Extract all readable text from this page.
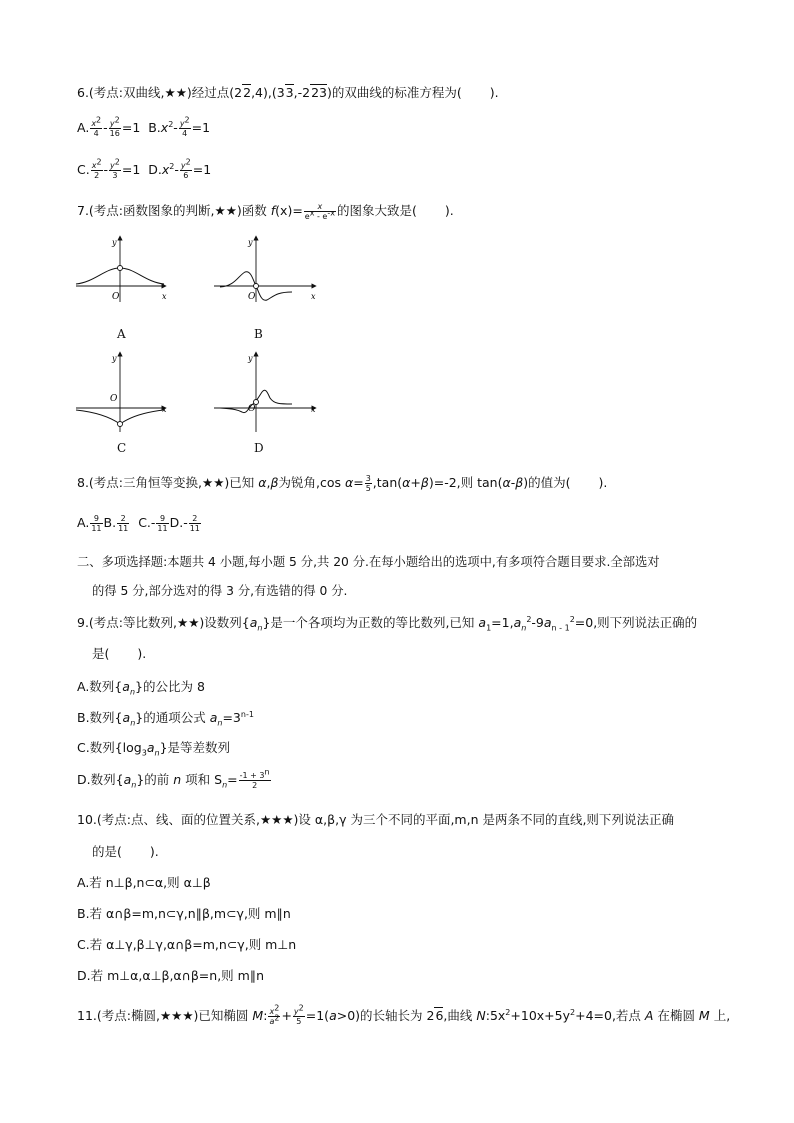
6.(考点:双曲线,★★)经过点(22,4),(33,-223)的双曲线的标准方程为( ).
A. $\frac{x^2}{4} - \frac{y^2}{16} =1$ $B.x^2- \frac{y^2}{4} =1$
C. $\frac{x^2}{2} - \frac{y^2}{3} =1$ $D.x^2- \frac{y^2}{6} =1$
7.(考点:函数图象的判断,★★)函数 $f(x)= \frac{x}{e^x - e^{-x}}$ 的图象大致是( ).
y
x
O
y
x
O
y
x
O
y
x
O
A	B
C	D
8.(考点:三角恒等变换,★★)已知 α,β为锐角,cos $\alpha= \frac{3}{5} ,\tan(\alpha+\beta)=-2$,则 tan(α-β)的值为( ).
A. $\frac{9}{11} B$. $\frac{2}{11} C.- \frac{9}{11} D.- \frac{2}{11}$
二、多项选择题:本题共 4 小题,每小题 5 分,共 20 分.在每小题给出的选项中,有多项符合题目要求.全部选对
的得 5 分,部分选对的得 3 分,有选错的得 0 分.
9.(考点:等比数列,★★)设数列$\{a_n\}$是一个各项均为正数的等比数列,已知 $a_1=1,a_n^2-9a_{n - 1}^2=0$,则下列说法正确的
是( ).
A.数列$\{a_n\}$的公比为 8
B.数列$\{a_n\}$的通项公式 $a_n=3^{n-1}$
C.数列$\{\log_3a_n\}$是等差数列
D.数列$\{a_n\}$的前 n 项和 $S_n= \frac{-1 + 3^n}{2}$
10.(考点:点、线、面的位置关系,★★★)设 α,β,γ 为三个不同的平面,m,n 是两条不同的直线,则下列说法正确
的是( ).
A.若 n⊥β,n⊂α,则 α⊥β
B.若 α∩β=m,n⊂γ,n∥β,m⊂γ,则 m∥n
C.若 α⊥γ,β⊥γ,α∩β=m,n⊂γ,则 m⊥n
D.若 m⊥α,α⊥β,α∩β=n,则 m∥n
11.(考点:椭圆,★★★)已知椭圆 M: $\frac{x^2}{a^2} + \frac{y^2}{5} =1(a>0)$的长轴长为 26,曲线 $N:5x^2+10x+5y^2+4=0$,若点 A 在椭圆 M 上,
